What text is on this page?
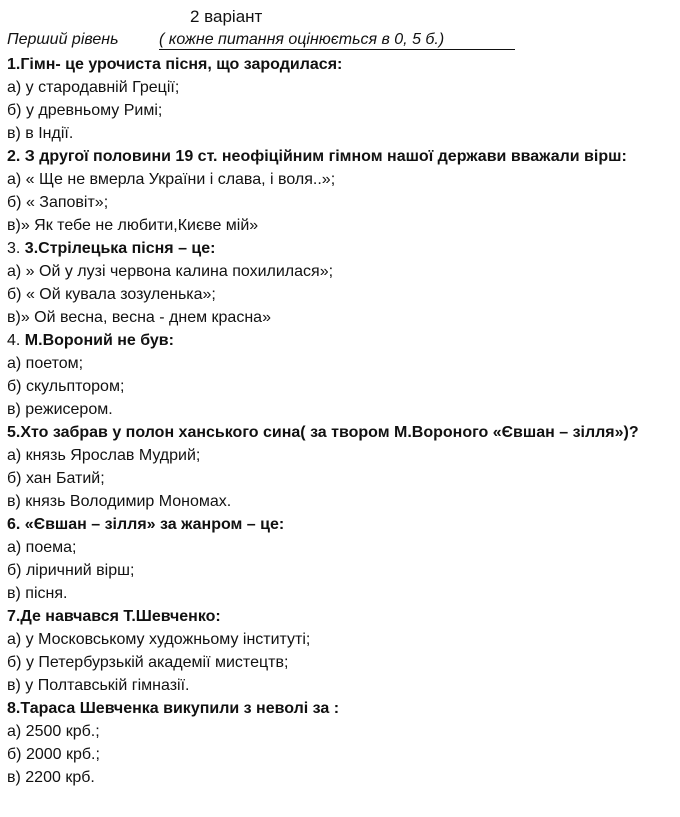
2 варіант
Перший рівень	( кожне питання оцінюється в 0, 5 б.)
1.Гімн- це урочиста пісня, що зародилася:
а) у стародавній Греції;
б) у древньому Римі;
в) в Індії.
2. З другої половини 19 ст. неофіційним гімном нашої держави вважали вірш:
а) « Ще не вмерла України і слава, і воля..»;
б) « Заповіт»;
в)» Як тебе не любити,Києве мій»
3. 3.Стрілецька пісня – це:
а) » Ой у лузі червона калина похилилася»;
б) « Ой кувала зозуленька»;
в)» Ой весна, весна - днем красна»
4. М.Вороний не був:
а) поетом;
б) скульптором;
в) режисером.
5.Хто забрав у полон ханського сина( за твором М.Вороного «Євшан – зілля»)?
а) князь Ярослав Мудрий;
б) хан Батий;
в) князь Володимир Мономах.
6. «Євшан – зілля» за жанром – це:
а) поема;
б) ліричний вірш;
в) пісня.
7.Де навчався Т.Шевченко:
а) у Московському художньому інституті;
б) у Петербурзькій академії мистецтв;
в) у Полтавській гімназії.
8.Тараса Шевченка викупили з неволі за :
а) 2500 крб.;
б) 2000 крб.;
в) 2200 крб.
